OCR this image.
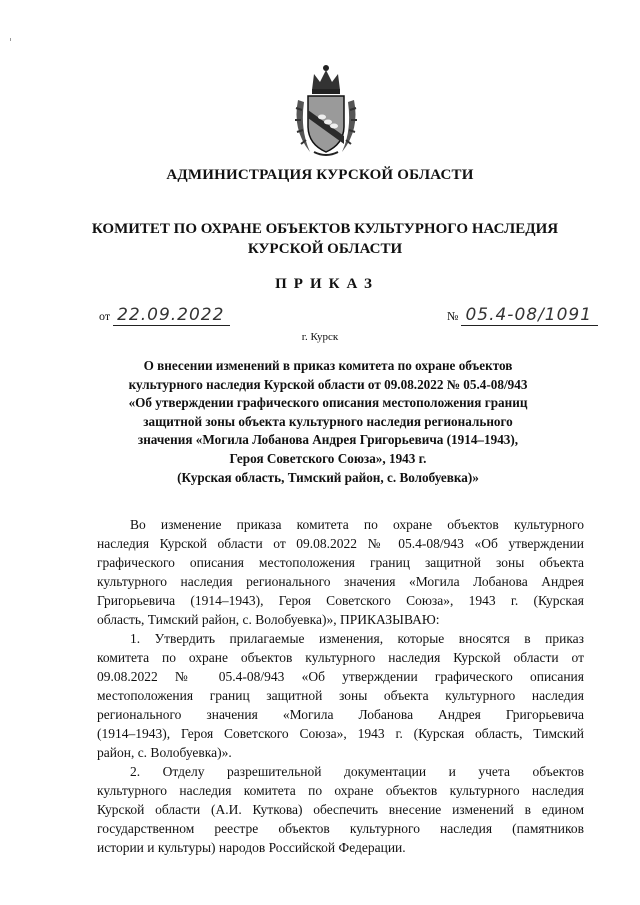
АДМИНИСТРАЦИЯ КУРСКОЙ ОБЛАСТИ
КОМИТЕТ ПО ОХРАНЕ ОБЪЕКТОВ КУЛЬТУРНОГО НАСЛЕДИЯ
КУРСКОЙ ОБЛАСТИ
ПРИКАЗ
от 22.09.2022	№ 05.4-08/1091
г. Курск
О внесении изменений в приказ комитета по охране объектов
культурного наследия Курской области от 09.08.2022 № 05.4-08/943
«Об утверждении графического описания местоположения границ
защитной зоны объекта культурного наследия регионального
значения «Могила Лобанова Андрея Григорьевича (1914–1943),
Героя Советского Союза», 1943 г.
(Курская область, Тимский район, с. Волобуевка)»
Во изменение приказа комитета по охране объектов культурного
наследия Курской области от 09.08.2022 № 05.4-08/943 «Об утверждении
графического описания местоположения границ защитной зоны объекта
культурного наследия регионального значения «Могила Лобанова Андрея
Григорьевича (1914–1943), Героя Советского Союза», 1943 г. (Курская
область, Тимский район, с. Волобуевка)», ПРИКАЗЫВАЮ:
1. Утвердить прилагаемые изменения, которые вносятся в приказ
комитета по охране объектов культурного наследия Курской области от
09.08.2022 № 05.4-08/943 «Об утверждении графического описания
местоположения границ защитной зоны объекта культурного наследия
регионального значения «Могила Лобанова Андрея Григорьевича
(1914–1943), Героя Советского Союза», 1943 г. (Курская область, Тимский
район, с. Волобуевка)».
2. Отделу разрешительной документации и учета объектов
культурного наследия комитета по охране объектов культурного наследия
Курской области (А.И. Куткова) обеспечить внесение изменений в едином
государственном реестре объектов культурного наследия (памятников
истории и культуры) народов Российской Федерации.
